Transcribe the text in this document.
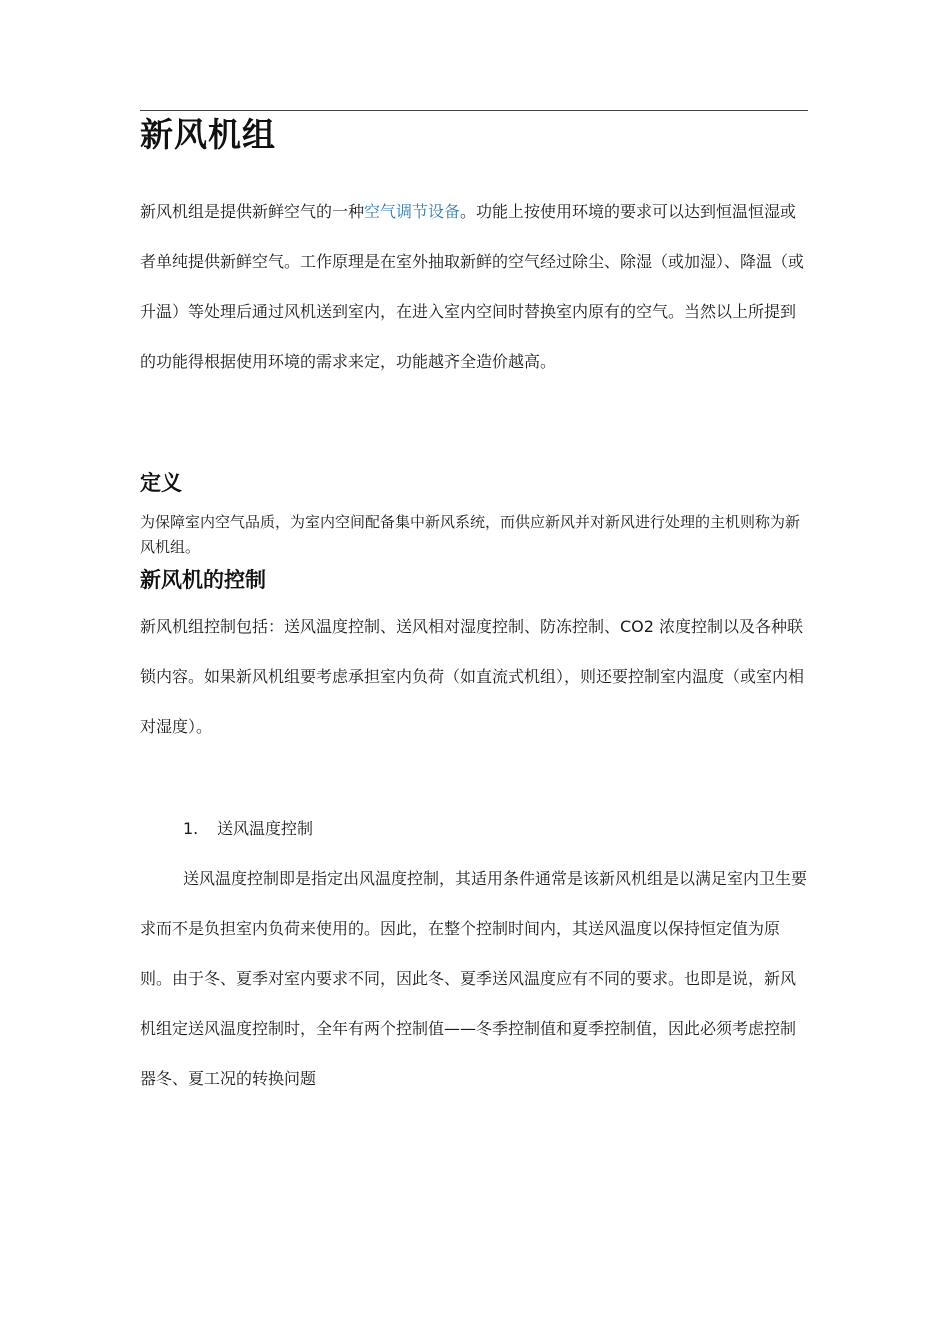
新风机组

新风机组是提供新鲜空气的一种空气调节设备。功能上按使用环境的要求可以达到恒温恒湿或者单纯提供新鲜空气。工作原理是在室外抽取新鲜的空气经过除尘、除湿（或加湿）、降温（或升温）等处理后通过风机送到室内，在进入室内空间时替换室内原有的空气。当然以上所提到的功能得根据使用环境的需求来定，功能越齐全造价越高。

定义

为保障室内空气品质，为室内空间配备集中新风系统，而供应新风并对新风进行处理的主机则称为新风机组。

新风机的控制

新风机组控制包括：送风温度控制、送风相对湿度控制、防冻控制、CO2 浓度控制以及各种联锁内容。如果新风机组要考虑承担室内负荷（如直流式机组），则还要控制室内温度（或室内相对湿度）。

1. 送风温度控制

送风温度控制即是指定出风温度控制，其适用条件通常是该新风机组是以满足室内卫生要求而不是负担室内负荷来使用的。因此，在整个控制时间内，其送风温度以保持恒定值为原则。由于冬、夏季对室内要求不同，因此冬、夏季送风温度应有不同的要求。也即是说，新风机组定送风温度控制时，全年有两个控制值——冬季控制值和夏季控制值，因此必须考虑控制器冬、夏工况的转换问题
